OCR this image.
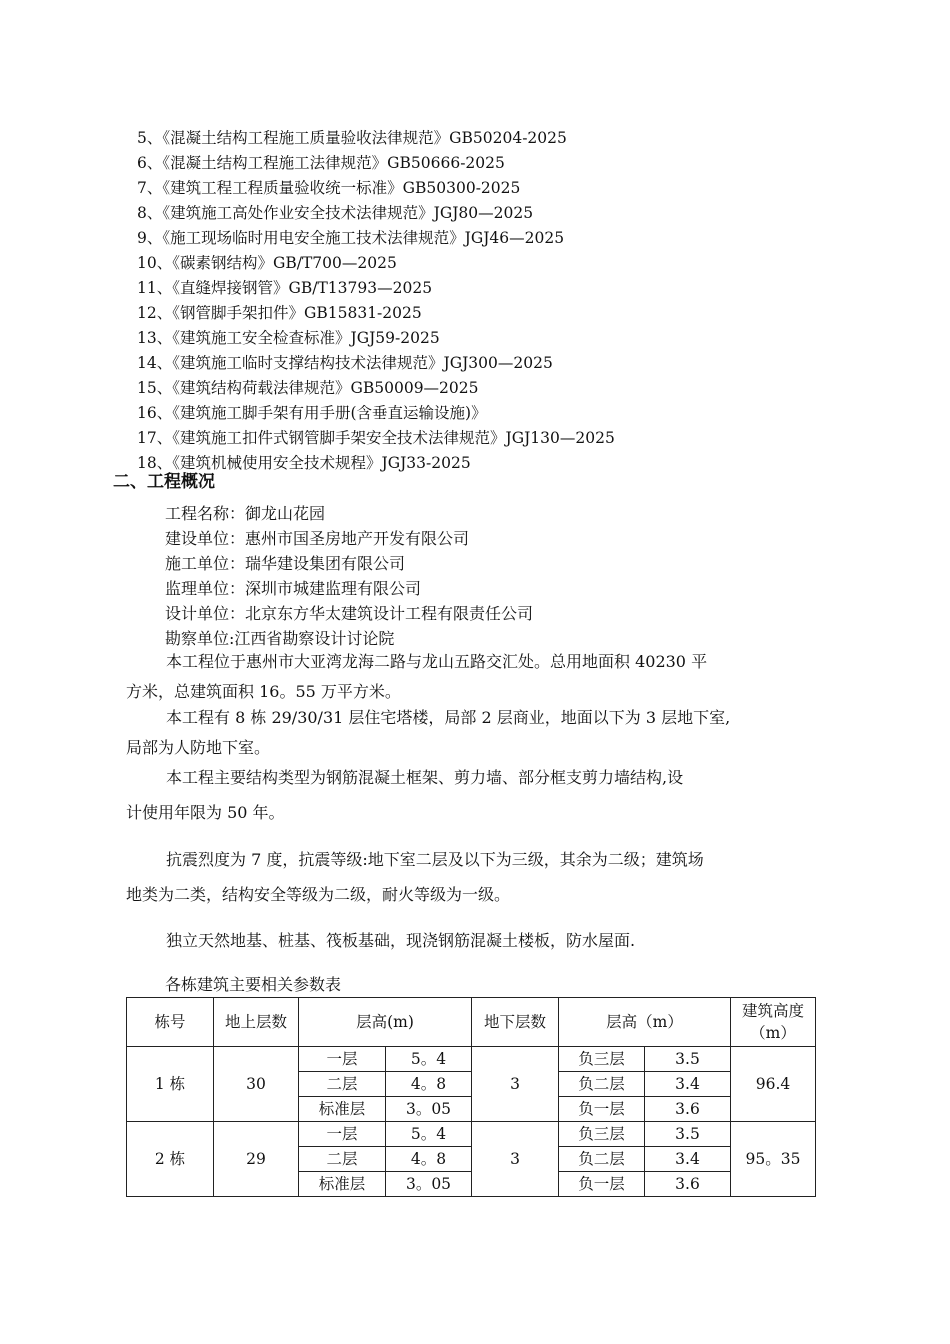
5、《混凝土结构工程施工质量验收法律规范》GB50204-2025
6、《混凝土结构工程施工法律规范》GB50666-2025
7、《建筑工程工程质量验收统一标准》GB50300-2025
8、《建筑施工高处作业安全技术法律规范》JGJ80—2025
9、《施工现场临时用电安全施工技术法律规范》JGJ46—2025
10、《碳素钢结构》GB/T700—2025
11、《直缝焊接钢管》GB/T13793—2025
12、《钢管脚手架扣件》GB15831-2025
13、《建筑施工安全检查标准》JGJ59-2025
14、《建筑施工临时支撑结构技术法律规范》JGJ300—2025
15、《建筑结构荷载法律规范》GB50009—2025
16、《建筑施工脚手架有用手册(含垂直运输设施)》
17、《建筑施工扣件式钢管脚手架安全技术法律规范》JGJ130—2025
18、《建筑机械使用安全技术规程》JGJ33-2025
二、工程概况
工程名称：御龙山花园
建设单位：惠州市国圣房地产开发有限公司
施工单位：瑞华建设集团有限公司
监理单位：深圳市城建监理有限公司
设计单位：北京东方华太建筑设计工程有限责任公司
勘察单位:江西省勘察设计讨论院

本工程位于惠州市大亚湾龙海二路与龙山五路交汇处。总用地面积 40230 平
方米，总建筑面积 16。55 万平方米。

本工程有 8 栋 29/30/31 层住宅塔楼，局部 2 层商业，地面以下为 3 层地下室,
局部为人防地下室。

本工程主要结构类型为钢筋混凝土框架、剪力墙、部分框支剪力墙结构,设
计使用年限为 50 年。

抗震烈度为 7 度，抗震等级:地下室二层及以下为三级，其余为二级；建筑场
地类为二类，结构安全等级为二级，耐火等级为一级。

独立天然地基、桩基、筏板基础，现浇钢筋混凝土楼板，防水屋面.

各栋建筑主要相关参数表
栋号	地上层数	层高(m)		地下层数	层高（m）		建筑高度（m）
1 栋	30	一层	5。4	3	负三层	3.5	96.4
		二层	4。8		负二层	3.4	
		标准层	3。05		负一层	3.6	
2 栋	29	一层	5。4	3	负三层	3.5	95。35
		二层	4。8		负二层	3.4	
		标准层	3。05		负一层	3.6	
